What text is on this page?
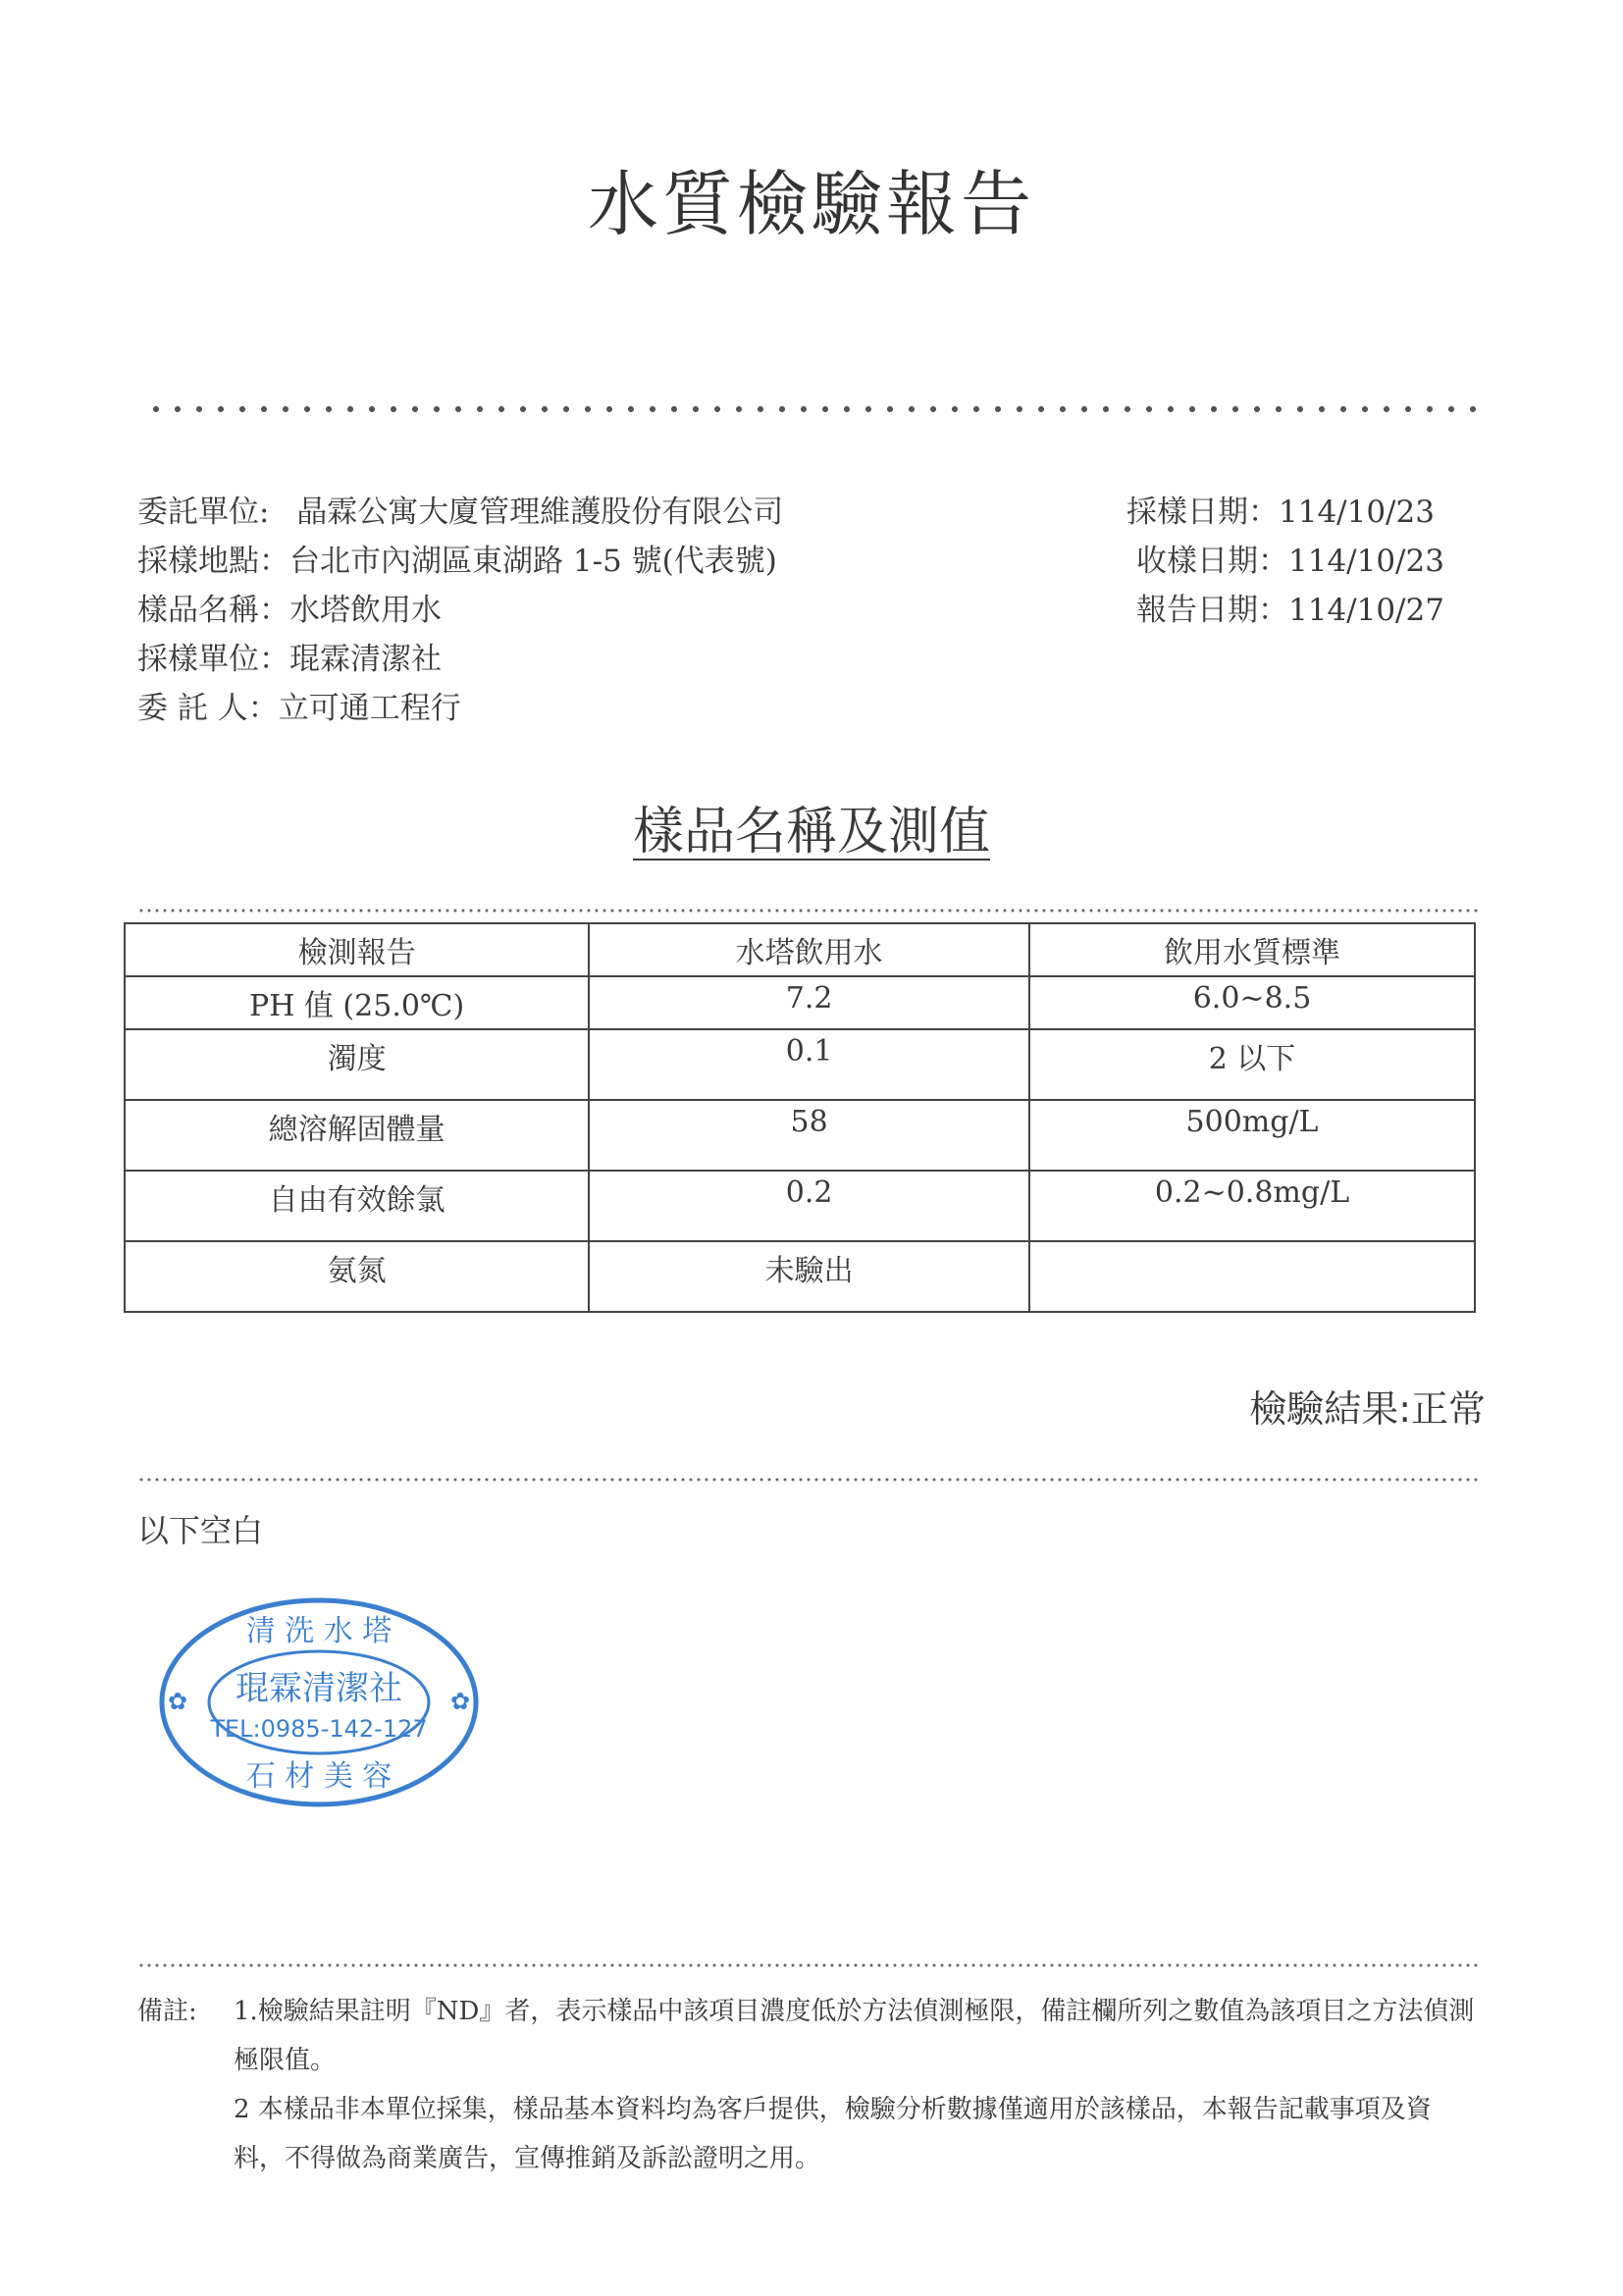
水質檢驗報告
委託單位: 晶霖公寓大廈管理維護股份有限公司
採樣地點：台北市內湖區東湖路 1-5 號(代表號)
樣品名稱：水塔飲用水
採樣單位：琨霖清潔社
委 託 人：立可通工程行
採樣日期：114/10/23
收樣日期：114/10/23
報告日期：114/10/27
樣品名稱及測值
檢測報告	水塔飲用水	飲用水質標準
PH 值 (25.0℃)	7.2	6.0~8.5
濁度	0.1	2 以下
總溶解固體量	58	500mg/L
自由有效餘氯	0.2	0.2~0.8mg/L
氨氮	未驗出	
檢驗結果:正常
以下空白
清 洗 水 塔
琨霖清潔社
TEL:0985-142-127
石 材 美 容
✿	✿
備註: 1.檢驗結果註明『ND』者，表示樣品中該項目濃度低於方法偵測極限，備註欄所列之數值為該項目之方法偵測極限值。
2 本樣品非本單位採集，樣品基本資料均為客戶提供，檢驗分析數據僅適用於該樣品，本報告記載事項及資料，不得做為商業廣告，宣傳推銷及訴訟證明之用。
